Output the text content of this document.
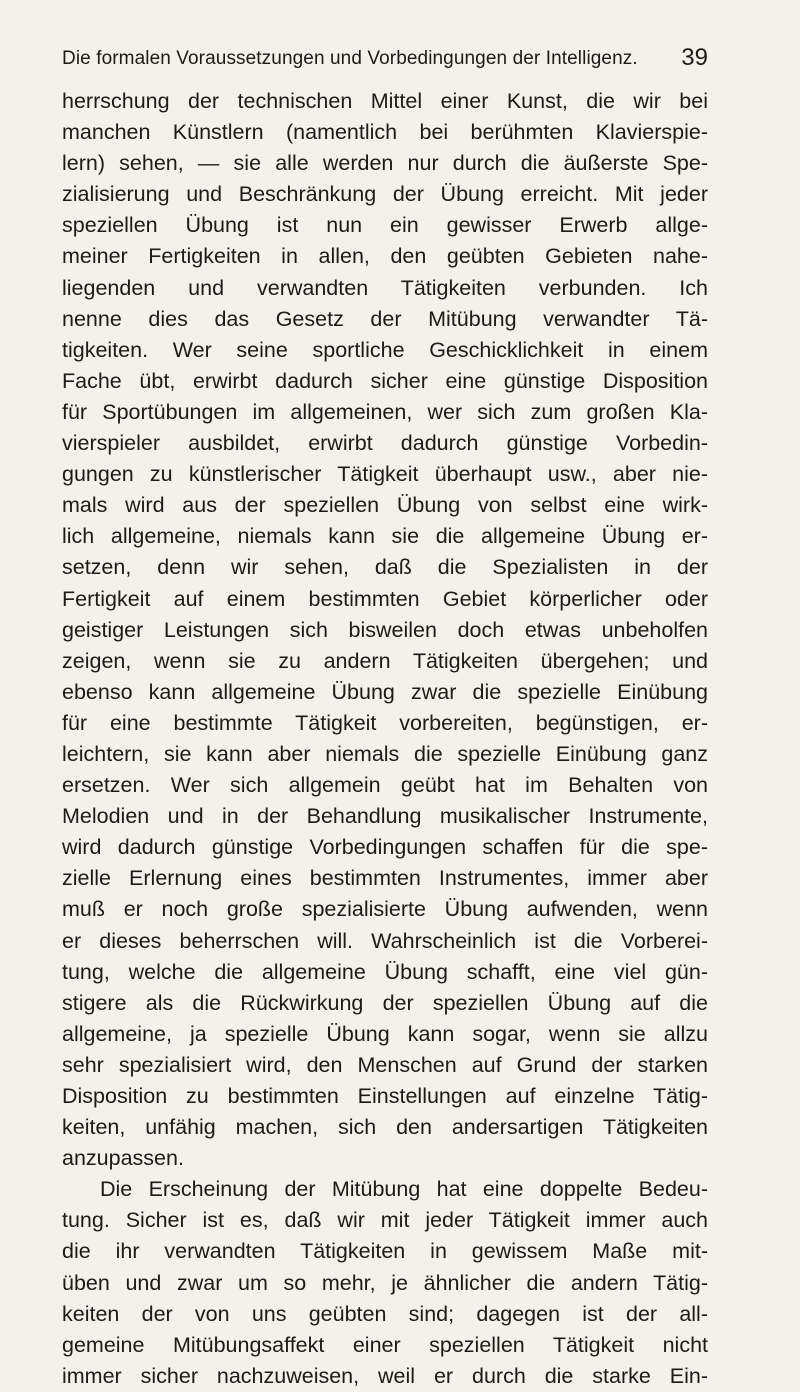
Die formalen Voraussetzungen und Vorbedingungen der Intelligenz. 39
herrschung der technischen Mittel einer Kunst, die wir bei
manchen Künstlern (namentlich bei berühmten Klavierspie-
lern) sehen, — sie alle werden nur durch die äußerste Spe-
zialisierung und Beschränkung der Übung erreicht. Mit jeder
speziellen Übung ist nun ein gewisser Erwerb allge-
meiner Fertigkeiten in allen, den geübten Gebieten nahe-
liegenden und verwandten Tätigkeiten verbunden. Ich
nenne dies das Gesetz der Mitübung verwandter Tä-
tigkeiten. Wer seine sportliche Geschicklichkeit in einem
Fache übt, erwirbt dadurch sicher eine günstige Disposition
für Sportübungen im allgemeinen, wer sich zum großen Kla-
vierspieler ausbildet, erwirbt dadurch günstige Vorbedin-
gungen zu künstlerischer Tätigkeit überhaupt usw., aber nie-
mals wird aus der speziellen Übung von selbst eine wirk-
lich allgemeine, niemals kann sie die allgemeine Übung er-
setzen, denn wir sehen, daß die Spezialisten in der
Fertigkeit auf einem bestimmten Gebiet körperlicher oder
geistiger Leistungen sich bisweilen doch etwas unbeholfen
zeigen, wenn sie zu andern Tätigkeiten übergehen; und
ebenso kann allgemeine Übung zwar die spezielle Einübung
für eine bestimmte Tätigkeit vorbereiten, begünstigen, er-
leichtern, sie kann aber niemals die spezielle Einübung ganz
ersetzen. Wer sich allgemein geübt hat im Behalten von
Melodien und in der Behandlung musikalischer Instrumente,
wird dadurch günstige Vorbedingungen schaffen für die spe-
zielle Erlernung eines bestimmten Instrumentes, immer aber
muß er noch große spezialisierte Übung aufwenden, wenn
er dieses beherrschen will. Wahrscheinlich ist die Vorberei-
tung, welche die allgemeine Übung schafft, eine viel gün-
stigere als die Rückwirkung der speziellen Übung auf die
allgemeine, ja spezielle Übung kann sogar, wenn sie allzu
sehr spezialisiert wird, den Menschen auf Grund der starken
Disposition zu bestimmten Einstellungen auf einzelne Tätig-
keiten, unfähig machen, sich den andersartigen Tätigkeiten
anzupassen.
Die Erscheinung der Mitübung hat eine doppelte Bedeu-
tung. Sicher ist es, daß wir mit jeder Tätigkeit immer auch
die ihr verwandten Tätigkeiten in gewissem Maße mit-
üben und zwar um so mehr, je ähnlicher die andern Tätig-
keiten der von uns geübten sind; dagegen ist der all-
gemeine Mitübungsaffekt einer speziellen Tätigkeit nicht
immer sicher nachzuweisen, weil er durch die starke Ein-
